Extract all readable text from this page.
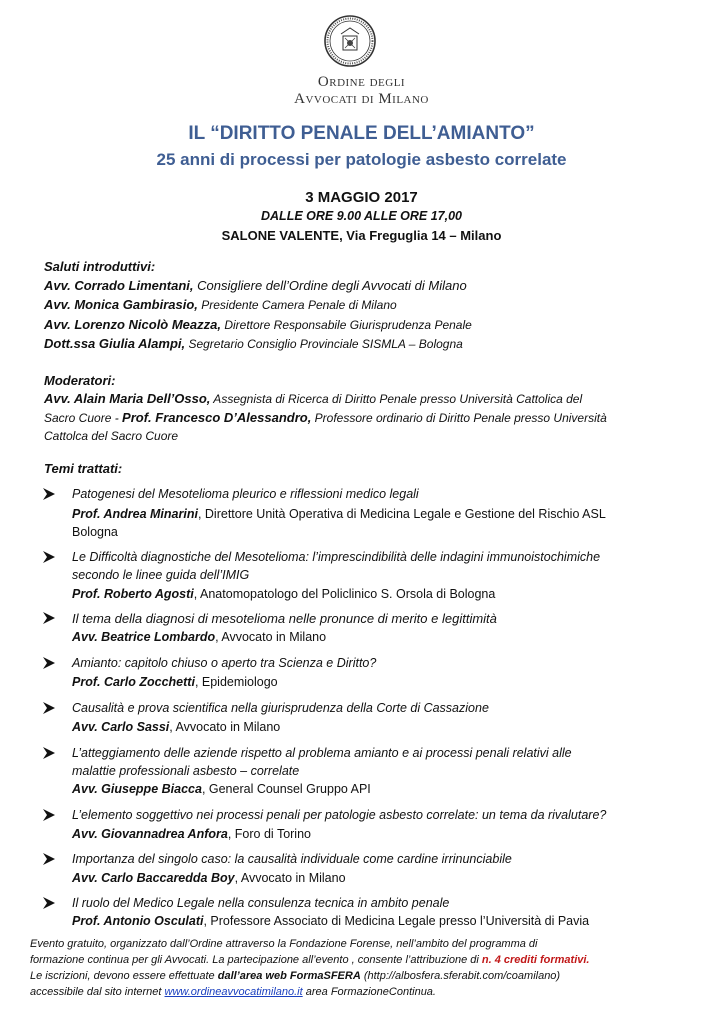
Ordine degli
Avvocati di Milano
IL “DIRITTO PENALE DELL’AMIANTO”
25 anni di processi per patologie asbesto correlate
3 MAGGIO 2017
DALLE ORE 9.00 ALLE ORE 17,00
SALONE VALENTE, Via Freguglia 14 – Milano
Saluti introduttivi:
Avv. Corrado Limentani, Consigliere dell’Ordine degli Avvocati di Milano
Avv. Monica Gambirasio, Presidente Camera Penale di Milano
Avv. Lorenzo Nicolò Meazza, Direttore Responsabile Giurisprudenza Penale
Dott.ssa Giulia Alampi, Segretario Consiglio Provinciale SISMLA – Bologna
Moderatori:
Avv. Alain Maria Dell’Osso, Assegnista di Ricerca di Diritto Penale presso Università Cattolica del
Sacro Cuore - Prof. Francesco D’Alessandro, Professore ordinario di Diritto Penale presso Università
Cattolca del Sacro Cuore
Temi trattati:
Patogenesi del Mesotelioma pleurico e riflessioni medico legali
Prof. Andrea Minarini, Direttore Unità Operativa di Medicina Legale e Gestione del Rischio ASL
Bologna
Le Difficoltà diagnostiche del Mesotelioma: l’imprescindibilità delle indagini immunoistochimiche
secondo le linee guida dell’IMIG
Prof. Roberto Agosti, Anatomopatologo del Policlinico S. Orsola di Bologna
Il tema della diagnosi di mesotelioma nelle pronunce di merito e legittimità
Avv. Beatrice Lombardo, Avvocato in Milano
Amianto: capitolo chiuso o aperto tra Scienza e Diritto?
Prof. Carlo Zocchetti, Epidemiologo
Causalità e prova scientifica nella giurisprudenza della Corte di Cassazione
Avv. Carlo Sassi, Avvocato in Milano
L’atteggiamento delle aziende rispetto al problema amianto e ai processi penali relativi alle
malattie professionali asbesto – correlate
Avv. Giuseppe Biacca, General Counsel Gruppo API
L’elemento soggettivo nei processi penali per patologie asbesto correlate: un tema da rivalutare?
Avv. Giovannadrea Anfora, Foro di Torino
Importanza del singolo caso: la causalità individuale come cardine irrinunciabile
Avv. Carlo Baccaredda Boy, Avvocato in Milano
Il ruolo del Medico Legale nella consulenza tecnica in ambito penale
Prof. Antonio Osculati, Professore Associato di Medicina Legale presso l’Università di Pavia
Evento gratuito, organizzato dall’Ordine attraverso la Fondazione Forense, nell’ambito del programma di
formazione continua per gli Avvocati. La partecipazione all’evento , consente l’attribuzione di n. 4 crediti formativi.
Le iscrizioni, devono essere effettuate dall’area web FormaSFERA (http://albosfera.sferabit.com/coamilano)
accessibile dal sito internet www.ordineavvocatimilano.it area FormazioneContinua.
